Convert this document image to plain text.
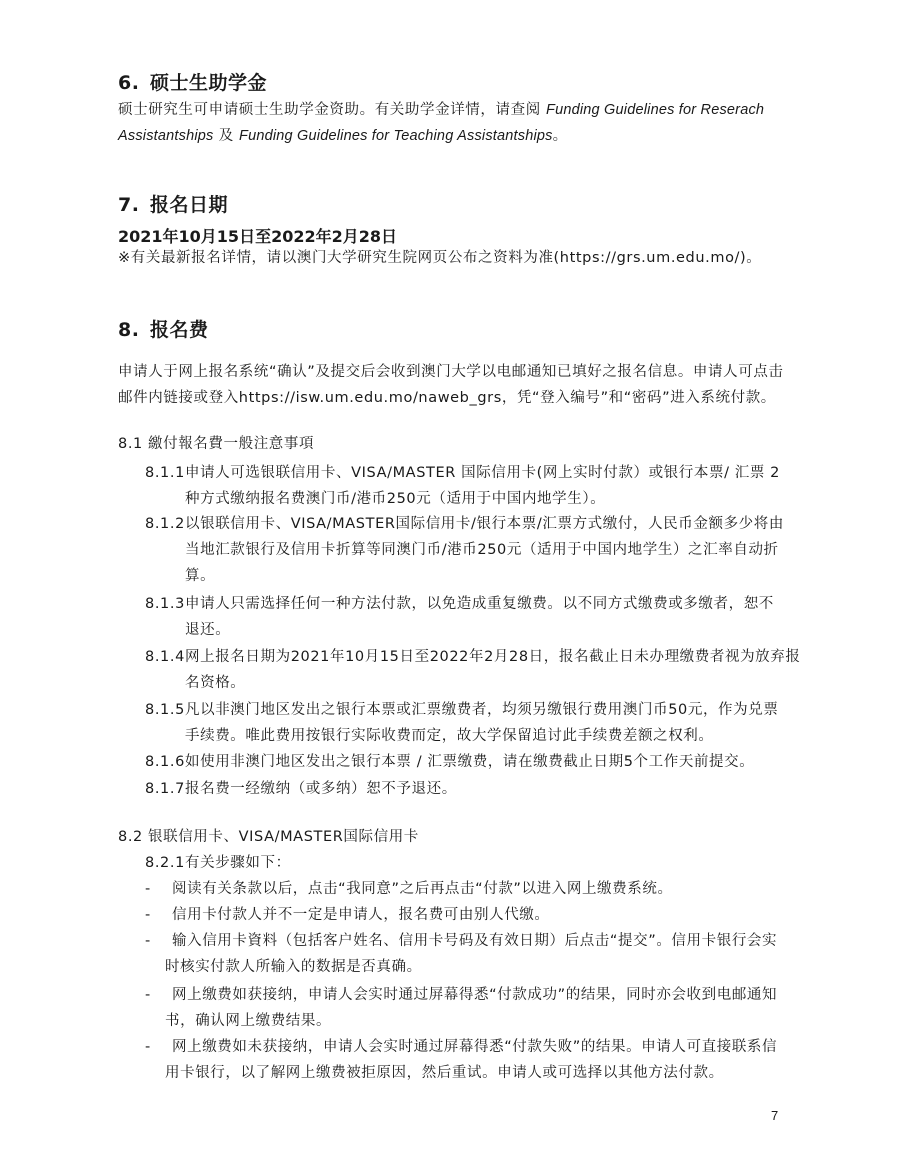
6. 硕士生助学金
硕士研究生可申请硕士生助学金资助。有关助学金详情，请查阅 Funding Guidelines for Reserach
Assistantships 及 Funding Guidelines for Teaching Assistantships。
7. 报名日期
2021年10月15日至2022年2月28日
※有关最新报名详情，请以澳门大学研究生院网页公布之资料为准(https://grs.um.edu.mo/)。
8. 报名费
申请人于网上报名系统“确认”及提交后会收到澳门大学以电邮通知已填好之报名信息。申请人可点击
邮件内链接或登入https://isw.um.edu.mo/naweb_grs，凭“登入编号”和“密码”进入系统付款。
8.1 繳付報名費一般注意事項
8.1.1申请人可选银联信用卡、VISA/MASTER 国际信用卡(网上实时付款）或银行本票/ 汇票 2
种方式缴纳报名费澳门币/港币250元（适用于中国内地学生）。
8.1.2以银联信用卡、VISA/MASTER国际信用卡/银行本票/汇票方式缴付，人民币金额多少将由
当地汇款银行及信用卡折算等同澳门币/港币250元（适用于中国内地学生）之汇率自动折
算。
8.1.3申请人只需选择任何一种方法付款，以免造成重复缴费。以不同方式缴费或多缴者，恕不
退还。
8.1.4网上报名日期为2021年10月15日至2022年2月28日，报名截止日未办理缴费者视为放弃报
名资格。
8.1.5凡以非澳门地区发出之银行本票或汇票缴费者，均须另缴银行费用澳门币50元，作为兑票
手续费。唯此费用按银行实际收费而定，故大学保留追讨此手续费差额之权利。
8.1.6如使用非澳门地区发出之银行本票 / 汇票缴费，请在缴费截止日期5个工作天前提交。
8.1.7报名费一经缴纳（或多纳）恕不予退还。
8.2 银联信用卡、VISA/MASTER国际信用卡
8.2.1有关步骤如下：
- 阅读有关条款以后，点击“我同意”之后再点击“付款”以进入网上缴费系统。
- 信用卡付款人并不一定是申请人，报名费可由别人代缴。
- 输入信用卡資料（包括客户姓名、信用卡号码及有效日期）后点击“提交”。信用卡银行会实
时核实付款人所输入的数据是否真确。
- 网上缴费如获接纳，申请人会实时通过屏幕得悉“付款成功”的结果，同时亦会收到电邮通知
书，确认网上缴费结果。
- 网上缴费如未获接纳，申请人会实时通过屏幕得悉“付款失败”的结果。申请人可直接联系信
用卡银行，以了解网上缴费被拒原因，然后重试。申请人或可选择以其他方法付款。
7
